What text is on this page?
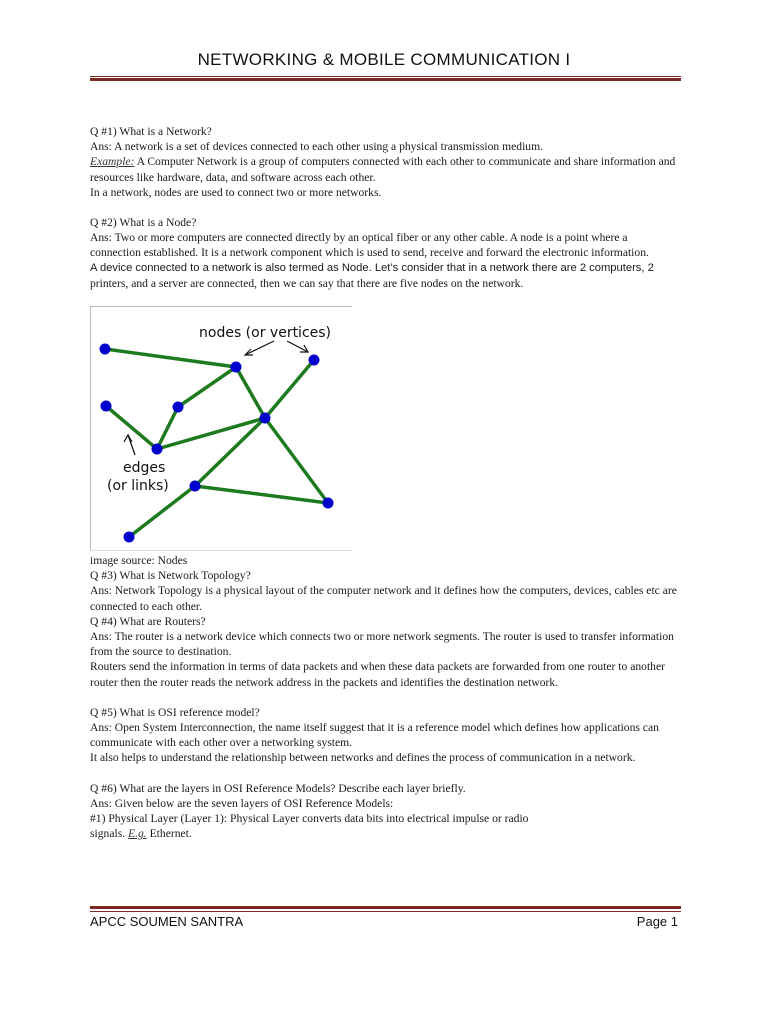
NETWORKING & MOBILE COMMUNICATION I

Q #1) What is a Network?

Ans: A network is a set of devices connected to each other using a physical transmission medium.

Example: A Computer Network is a group of computers connected with each other to communicate and share information and resources like hardware, data, and software across each other.

In a network, nodes are used to connect two or more networks.

Q #2) What is a Node?

Ans: Two or more computers are connected directly by an optical fiber or any other cable. A node is a point where a connection established. It is a network component which is used to send, receive and forward the electronic information.

A device connected to a network is also termed as Node. Let’s consider that in a network there are 2 computers, 2

printers, and a server are connected, then we can say that there are five nodes on the network.

nodes (or vertices)
edges
(or links)

image source: Nodes

Q #3) What is Network Topology?

Ans: Network Topology is a physical layout of the computer network and it defines how the computers, devices, cables etc are connected to each other.

Q #4) What are Routers?

Ans: The router is a network device which connects two or more network segments. The router is used to transfer information from the source to destination.

Routers send the information in terms of data packets and when these data packets are forwarded from one router to another router then the router reads the network address in the packets and identifies the destination network.

Q #5) What is OSI reference model?

Ans: Open System Interconnection, the name itself suggest that it is a reference model which defines how applications can communicate with each other over a networking system.

It also helps to understand the relationship between networks and defines the process of communication in a network.

Q #6) What are the layers in OSI Reference Models? Describe each layer briefly.

Ans: Given below are the seven layers of OSI Reference Models:

#1) Physical Layer (Layer 1): Physical Layer converts data bits into electrical impulse or radio

signals. E.g. Ethernet.

APCC SOUMEN SANTRA	Page 1
